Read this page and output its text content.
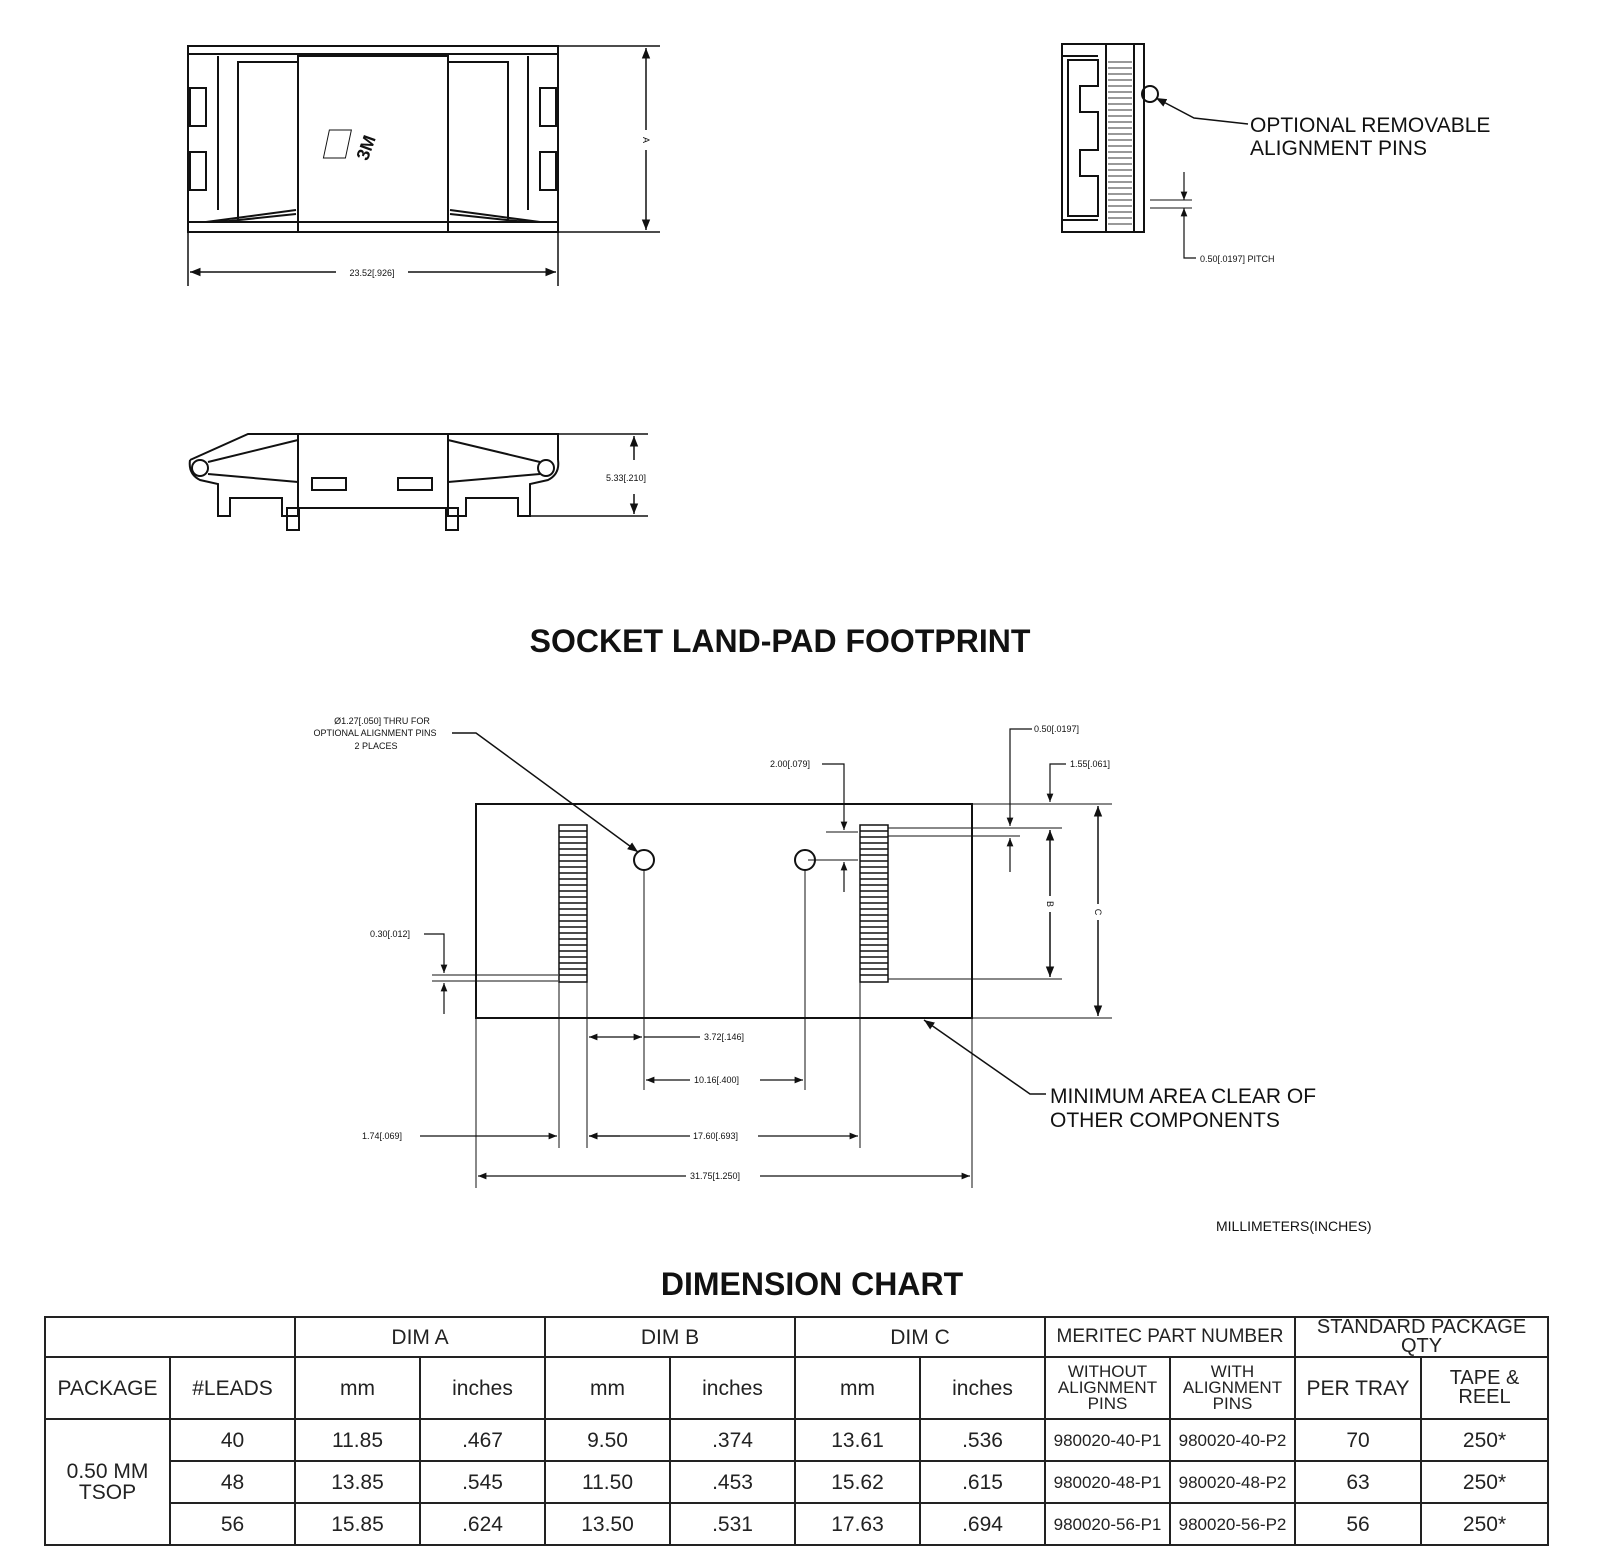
3M
23.52[.926]
A
OPTIONAL REMOVABLE
ALIGNMENT PINS
0.50[.0197] PITCH
5.33[.210]
SOCKET LAND-PAD FOOTPRINT
Ø1.27[.050] THRU FOR
OPTIONAL ALIGNMENT PINS
2 PLACES
0.50[.0197]
1.55[.061]
2.00[.079]
0.30[.012]
B
C
MINIMUM AREA CLEAR OF
OTHER COMPONENTS
3.72[.146]
10.16[.400]
1.74[.069]	17.60[.693]
31.75[1.250]
MILLIMETERS(INCHES)
DIMENSION CHART
		DIM A		DIM B		DIM C		MERITEC PART NUMBER		STANDARD PACKAGE QTY	
PACKAGE	#LEADS	mm	inches	mm	inches	mm	inches	WITHOUT ALIGNMENT PINS	WITH ALIGNMENT PINS	PER TRAY	TAPE & REEL
0.50 MM TSOP	40	11.85	.467	9.50	.374	13.61	.536	980020-40-P1	980020-40-P2	70	250*
	48	13.85	.545	11.50	.453	15.62	.615	980020-48-P1	980020-48-P2	63	250*
	56	15.85	.624	13.50	.531	17.63	.694	980020-56-P1	980020-56-P2	56	250*
